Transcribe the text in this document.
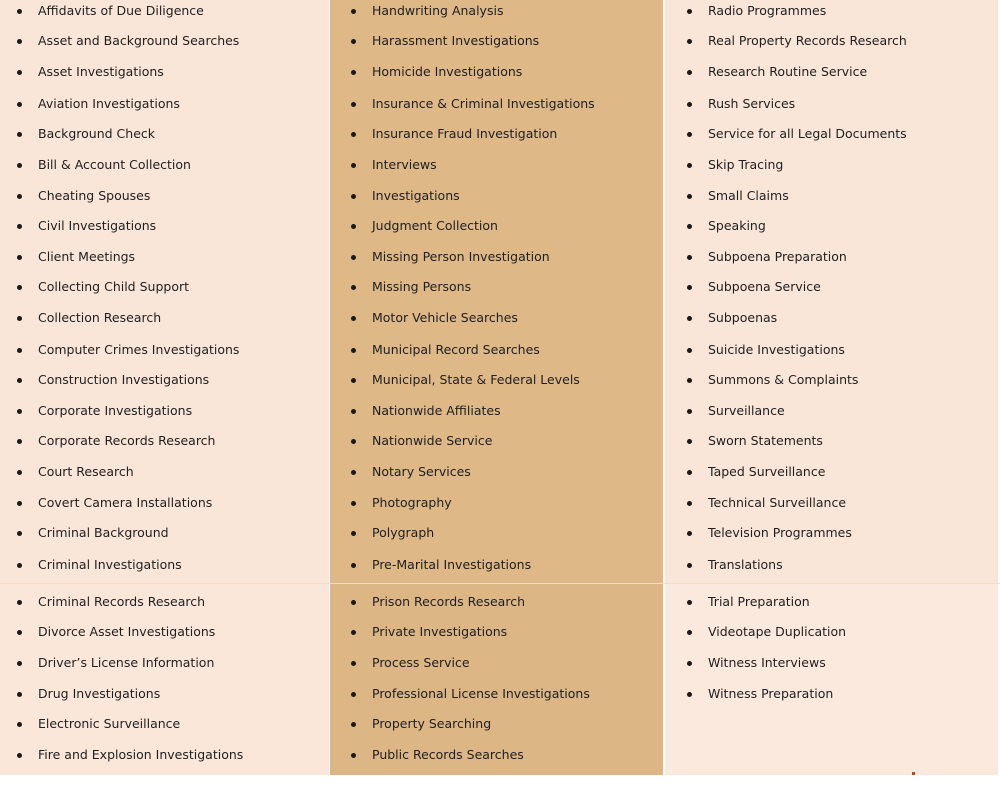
Affidavits of Due Diligence
Asset and Background Searches
Asset Investigations
Aviation Investigations
Background Check
Bill & Account Collection
Cheating Spouses
Civil Investigations
Client Meetings
Collecting Child Support
Collection Research
Computer Crimes Investigations
Construction Investigations
Corporate Investigations
Corporate Records Research
Court Research
Covert Camera Installations
Criminal Background
Criminal Investigations
Criminal Records Research
Divorce Asset Investigations
Driver’s License Information
Drug Investigations
Electronic Surveillance
Fire and Explosion Investigations
Handwriting Analysis
Harassment Investigations
Homicide Investigations
Insurance & Criminal Investigations
Insurance Fraud Investigation
Interviews
Investigations
Judgment Collection
Missing Person Investigation
Missing Persons
Motor Vehicle Searches
Municipal Record Searches
Municipal, State & Federal Levels
Nationwide Affiliates
Nationwide Service
Notary Services
Photography
Polygraph
Pre-Marital Investigations
Prison Records Research
Private Investigations
Process Service
Professional License Investigations
Property Searching
Public Records Searches
Radio Programmes
Real Property Records Research
Research Routine Service
Rush Services
Service for all Legal Documents
Skip Tracing
Small Claims
Speaking
Subpoena Preparation
Subpoena Service
Subpoenas
Suicide Investigations
Summons & Complaints
Surveillance
Sworn Statements
Taped Surveillance
Technical Surveillance
Television Programmes
Translations
Trial Preparation
Videotape Duplication
Witness Interviews
Witness Preparation
